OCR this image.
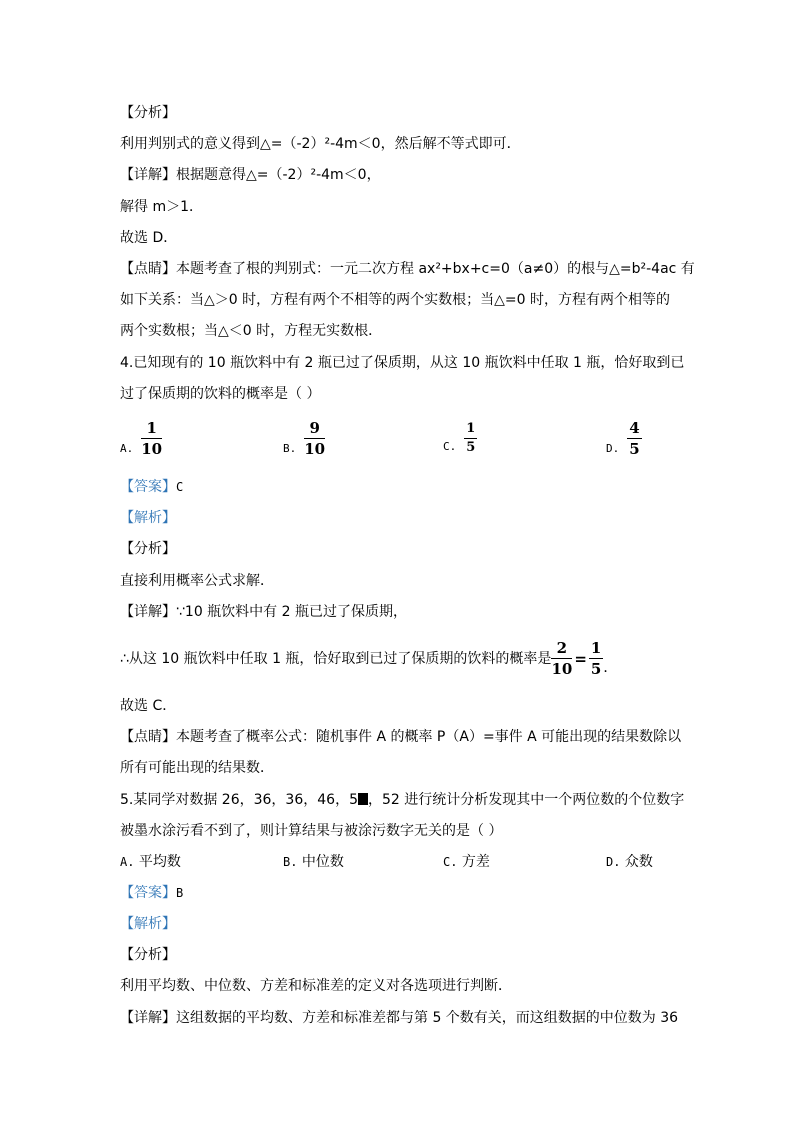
【分析】
利用判别式的意义得到△=（-2）²-4m＜0，然后解不等式即可．
【详解】根据题意得△=（-2）²-4m＜0，
解得 m＞1．
故选 D．
【点睛】本题考查了根的判别式：一元二次方程 ax²+bx+c=0（a≠0）的根与△=b²-4ac 有
如下关系：当△＞0 时，方程有两个不相等的两个实数根；当△=0 时，方程有两个相等的
两个实数根；当△＜0 时，方程无实数根．
4.已知现有的 10 瓶饮料中有 2 瓶已过了保质期，从这 10 瓶饮料中任取 1 瓶，恰好取到已
过了保质期的饮料的概率是（ ）
A. $\frac{1}{10}$	B. $\frac{9}{10}$	C. $\frac{1}{5}$	D. $\frac{4}{5}$
【答案】C
【解析】
【分析】
直接利用概率公式求解．
【详解】∵10 瓶饮料中有 2 瓶已过了保质期，
∴从这 10 瓶饮料中任取 1 瓶，恰好取到已过了保质期的饮料的概率是 $\frac{2}{10} = \frac{1}{5}$ ．
故选 C．
【点睛】本题考查了概率公式：随机事件 A 的概率 P（A）=事件 A 可能出现的结果数除以
所有可能出现的结果数．
5.某同学对数据 26，36，36，46，5 ，52 进行统计分析发现其中一个两位数的个位数字
被墨水涂污看不到了，则计算结果与被涂污数字无关的是（ ）
A. 平均数	B. 中位数	C. 方差	D. 众数
【答案】B
【解析】
【分析】
利用平均数、中位数、方差和标准差的定义对各选项进行判断．
【详解】这组数据的平均数、方差和标准差都与第 5 个数有关，而这组数据的中位数为 36
